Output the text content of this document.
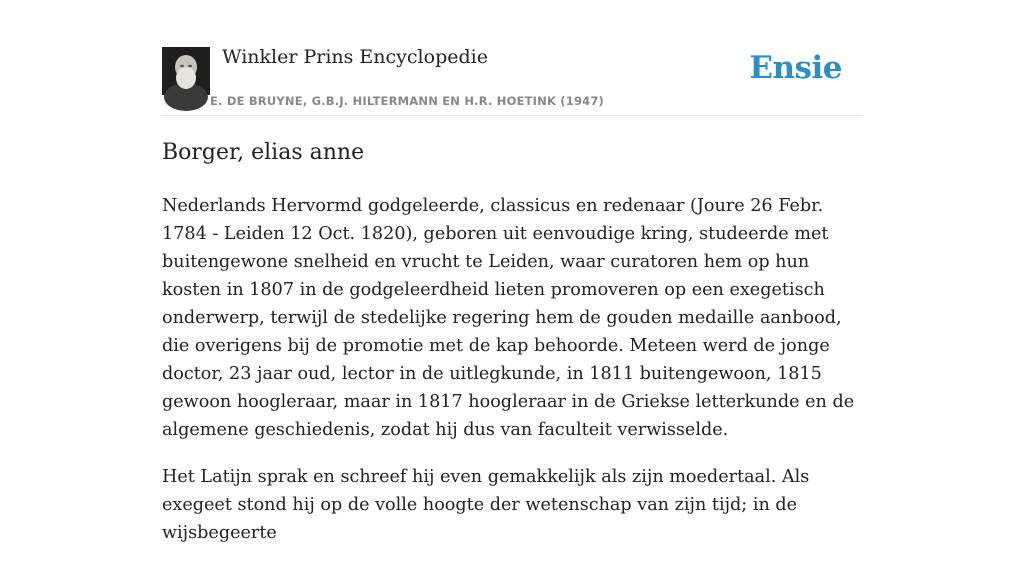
Winkler Prins Encyclopedie
E. DE BRUYNE, G.B.J. HILTERMANN EN H.R. HOETINK (1947)
Ensie
Borger, elias anne

Nederlands Hervormd godgeleerde, classicus en redenaar (Joure 26 Febr. 1784 - Leiden 12 Oct. 1820), geboren uit eenvoudige kring, studeerde met buitengewone snelheid en vrucht te Leiden, waar curatoren hem op hun kosten in 1807 in de godgeleerdheid lieten promoveren op een exegetisch onderwerp, terwijl de stedelijke regering hem de gouden medaille aanbood, die overigens bij de promotie met de kap behoorde. Meteen werd de jonge doctor, 23 jaar oud, lector in de uitlegkunde, in 1811 buitengewoon, 1815 gewoon hoogleraar, maar in 1817 hoogleraar in de Griekse letterkunde en de algemene geschiedenis, zodat hij dus van faculteit verwisselde.

Het Latijn sprak en schreef hij even gemakkelijk als zijn moedertaal. Als exegeet stond hij op de volle hoogte der wetenschap van zijn tijd; in de wijsbegeerte
